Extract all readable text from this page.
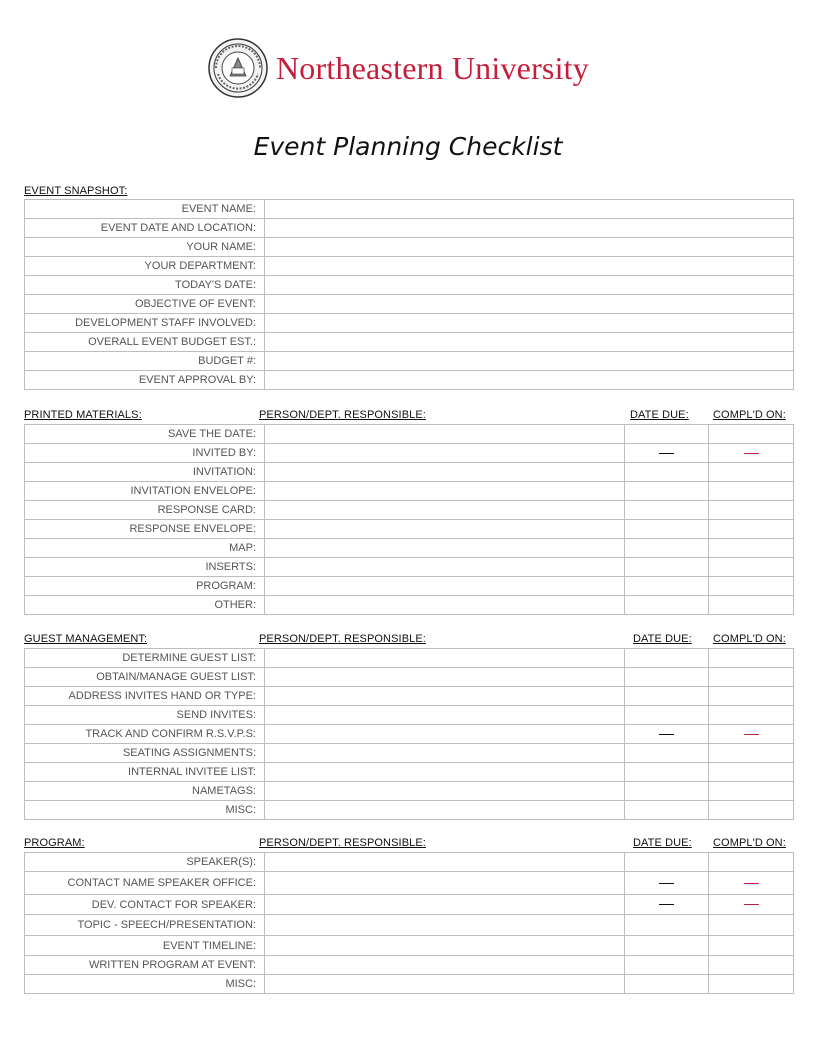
Northeastern University
Event Planning Checklist
EVENT SNAPSHOT:
EVENT NAME:	
EVENT DATE AND LOCATION:	
YOUR NAME:	
YOUR DEPARTMENT:	
TODAY'S DATE:	
OBJECTIVE OF EVENT:	
DEVELOPMENT STAFF INVOLVED:	
OVERALL EVENT BUDGET EST.:	
BUDGET #:	
EVENT APPROVAL BY:	
PRINTED MATERIALS:	PERSON/DEPT. RESPONSIBLE:	DATE DUE: COMPL'D ON:
SAVE THE DATE:			
INVITED BY:			
INVITATION:			
INVITATION ENVELOPE:			
RESPONSE CARD:			
RESPONSE ENVELOPE:			
MAP:			
INSERTS:			
PROGRAM:			
OTHER:			
GUEST MANAGEMENT:	PERSON/DEPT. RESPONSIBLE:	DATE DUE: COMPL'D ON:
DETERMINE GUEST LIST:			
OBTAIN/MANAGE GUEST LIST:			
ADDRESS INVITES HAND OR TYPE:			
SEND INVITES:			
TRACK AND CONFIRM R.S.V.P.S:			
SEATING ASSIGNMENTS:			
INTERNAL INVITEE LIST:			
NAMETAGS:			
MISC:			
PROGRAM:	PERSON/DEPT. RESPONSIBLE:	DATE DUE: COMPL'D ON:
SPEAKER(S):			
CONTACT NAME SPEAKER OFFICE:			
DEV. CONTACT FOR SPEAKER:			
TOPIC - SPEECH/PRESENTATION:			
EVENT TIMELINE:			
WRITTEN PROGRAM AT EVENT:			
MISC:			
